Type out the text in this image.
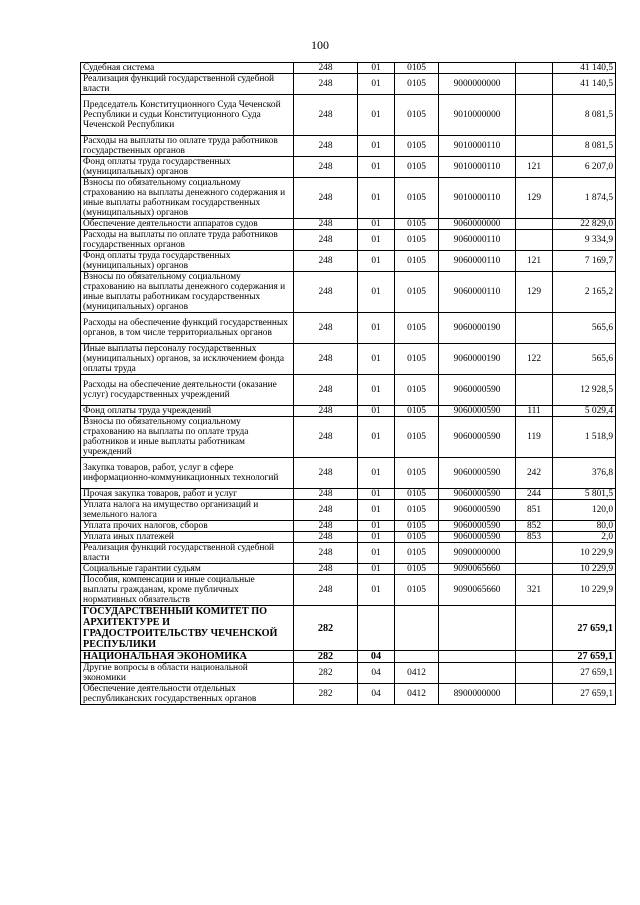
100
Судебная система	248	01	0105			41 140,5
Реализация функций государственной судебной власти	248	01	0105	9000000000		41 140,5
Председатель Конституционного Суда Чеченской Республики и судьи Конституционного Суда Чеченской Республики	248	01	0105	9010000000		8 081,5
Расходы на выплаты по оплате труда работников государственных органов	248	01	0105	9010000110		8 081,5
Фонд оплаты труда государственных (муниципальных) органов	248	01	0105	9010000110	121	6 207,0
Взносы по обязательному социальному страхованию на выплаты денежного содержания и иные выплаты работникам государственных (муниципальных) органов	248	01	0105	9010000110	129	1 874,5
Обеспечение деятельности аппаратов судов	248	01	0105	9060000000		22 829,0
Расходы на выплаты по оплате труда работников государственных органов	248	01	0105	9060000110		9 334,9
Фонд оплаты труда государственных (муниципальных) органов	248	01	0105	9060000110	121	7 169,7
Взносы по обязательному социальному страхованию на выплаты денежного содержания и иные выплаты работникам государственных (муниципальных) органов	248	01	0105	9060000110	129	2 165,2
Расходы на обеспечение функций государственных органов, в том числе территориальных органов	248	01	0105	9060000190		565,6
Иные выплаты персоналу государственных (муниципальных) органов, за исключением фонда оплаты труда	248	01	0105	9060000190	122	565,6
Расходы на обеспечение деятельности (оказание услуг) государственных учреждений	248	01	0105	9060000590		12 928,5
Фонд оплаты труда учреждений	248	01	0105	9060000590	111	5 029,4
Взносы по обязательному социальному страхованию на выплаты по оплате труда работников и иные выплаты работникам учреждений	248	01	0105	9060000590	119	1 518,9
Закупка товаров, работ, услуг в сфере информационно-коммуникационных технологий	248	01	0105	9060000590	242	376,8
Прочая закупка товаров, работ и услуг	248	01	0105	9060000590	244	5 801,5
Уплата налога на имущество организаций и земельного налога	248	01	0105	9060000590	851	120,0
Уплата прочих налогов, сборов	248	01	0105	9060000590	852	80,0
Уплата иных платежей	248	01	0105	9060000590	853	2,0
Реализация функций государственной судебной власти	248	01	0105	9090000000		10 229,9
Социальные гарантии судьям	248	01	0105	9090065660		10 229,9
Пособия, компенсации и иные социальные выплаты гражданам, кроме публичных нормативных обязательств	248	01	0105	9090065660	321	10 229,9
ГОСУДАРСТВЕННЫЙ КОМИТЕТ ПО АРХИТЕКТУРЕ И ГРАДОСТРОИТЕЛЬСТВУ ЧЕЧЕНСКОЙ РЕСПУБЛИКИ	282					27 659,1
НАЦИОНАЛЬНАЯ ЭКОНОМИКА	282	04				27 659,1
Другие вопросы в области национальной экономики	282	04	0412			27 659,1
Обеспечение деятельности отдельных республиканских государственных органов	282	04	0412	8900000000		27 659,1
